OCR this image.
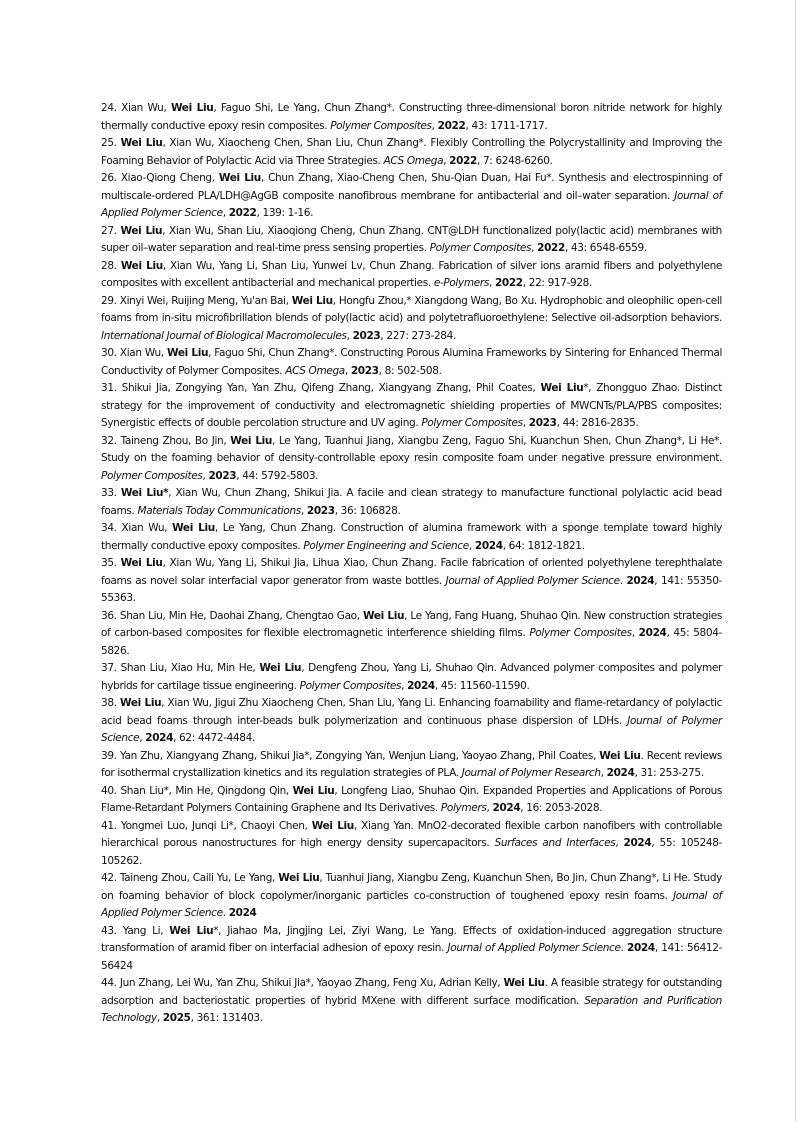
24. Xian Wu, Wei Liu, Faguo Shi, Le Yang, Chun Zhang*. Constructing three-dimensional boron nitride network for highly thermally conductive epoxy resin composites. Polymer Composites, 2022, 43: 1711-1717.

25. Wei Liu, Xian Wu, Xiaocheng Chen, Shan Liu, Chun Zhang*. Flexibly Controlling the Polycrystallinity and Improving the Foaming Behavior of Polylactic Acid via Three Strategies. ACS Omega, 2022, 7: 6248-6260.

26. Xiao-Qiong Cheng, Wei Liu, Chun Zhang, Xiao-Cheng Chen, Shu-Qian Duan, Hai Fu*. Synthesis and electrospinning of multiscale-ordered PLA/LDH@AgGB composite nanofibrous membrane for antibacterial and oil–water separation. Journal of Applied Polymer Science, 2022, 139: 1-16.

27. Wei Liu, Xian Wu, Shan Liu, Xiaoqiong Cheng, Chun Zhang. CNT@LDH functionalized poly(lactic acid) membranes with super oil–water separation and real-time press sensing properties. Polymer Composites, 2022, 43: 6548-6559.

28. Wei Liu, Xian Wu, Yang Li, Shan Liu, Yunwei Lv, Chun Zhang. Fabrication of silver ions aramid fibers and polyethylene composites with excellent antibacterial and mechanical properties. e-Polymers, 2022, 22: 917-928.

29. Xinyi Wei, Ruijing Meng, Yu'an Bai, Wei Liu, Hongfu Zhou,* Xiangdong Wang, Bo Xu. Hydrophobic and oleophilic open-cell foams from in-situ microfibrillation blends of poly(lactic acid) and polytetrafluoroethylene: Selective oil-adsorption behaviors. International Journal of Biological Macromolecules, 2023, 227: 273-284.

30. Xian Wu, Wei Liu, Faguo Shi, Chun Zhang*. Constructing Porous Alumina Frameworks by Sintering for Enhanced Thermal Conductivity of Polymer Composites. ACS Omega, 2023, 8: 502-508.

31. Shikui Jia, Zongying Yan, Yan Zhu, Qifeng Zhang, Xiangyang Zhang, Phil Coates, Wei Liu*, Zhongguo Zhao. Distinct strategy for the improvement of conductivity and electromagnetic shielding properties of MWCNTs/PLA/PBS composites: Synergistic effects of double percolation structure and UV aging. Polymer Composites, 2023, 44: 2816-2835.

32. Taineng Zhou, Bo Jin, Wei Liu, Le Yang, Tuanhui Jiang, Xiangbu Zeng, Faguo Shi, Kuanchun Shen, Chun Zhang*, Li He*. Study on the foaming behavior of density-controllable epoxy resin composite foam under negative pressure environment. Polymer Composites, 2023, 44: 5792-5803.

33. Wei Liu*, Xian Wu, Chun Zhang, Shikui Jia. A facile and clean strategy to manufacture functional polylactic acid bead foams. Materials Today Communications, 2023, 36: 106828.

34. Xian Wu, Wei Liu, Le Yang, Chun Zhang. Construction of alumina framework with a sponge template toward highly thermally conductive epoxy composites. Polymer Engineering and Science, 2024, 64: 1812-1821.

35. Wei Liu, Xian Wu, Yang Li, Shikui Jia, Lihua Xiao, Chun Zhang. Facile fabrication of oriented polyethylene terephthalate foams as novel solar interfacial vapor generator from waste bottles. Journal of Applied Polymer Science. 2024, 141: 55350-55363.

36. Shan Liu, Min He, Daohai Zhang, Chengtao Gao, Wei Liu, Le Yang, Fang Huang, Shuhao Qin. New construction strategies of carbon-based composites for flexible electromagnetic interference shielding films. Polymer Composites, 2024, 45: 5804-5826.

37. Shan Liu, Xiao Hu, Min He, Wei Liu, Dengfeng Zhou, Yang Li, Shuhao Qin. Advanced polymer composites and polymer hybrids for cartilage tissue engineering. Polymer Composites, 2024, 45: 11560-11590.

38. Wei Liu, Xian Wu, Jigui Zhu Xiaocheng Chen, Shan Liu, Yang Li. Enhancing foamability and flame-retardancy of polylactic acid bead foams through inter-beads bulk polymerization and continuous phase dispersion of LDHs. Journal of Polymer Science, 2024, 62: 4472-4484.

39. Yan Zhu, Xiangyang Zhang, Shikui Jia*, Zongying Yan, Wenjun Liang, Yaoyao Zhang, Phil Coates, Wei Liu. Recent reviews for isothermal crystallization kinetics and its regulation strategies of PLA. Journal of Polymer Research, 2024, 31: 253-275.

40. Shan Liu*, Min He, Qingdong Qin, Wei Liu, Longfeng Liao, Shuhao Qin. Expanded Properties and Applications of Porous Flame-Retardant Polymers Containing Graphene and Its Derivatives. Polymers, 2024, 16: 2053-2028.

41. Yongmei Luo, Junqi Li*, Chaoyi Chen, Wei Liu, Xiang Yan. MnO2-decorated flexible carbon nanofibers with controllable hierarchical porous nanostructures for high energy density supercapacitors. Surfaces and Interfaces, 2024, 55: 105248-105262.

42. Taineng Zhou, Caili Yu, Le Yang, Wei Liu, Tuanhui Jiang, Xiangbu Zeng, Kuanchun Shen, Bo Jin, Chun Zhang*, Li He. Study on foaming behavior of block copolymer/inorganic particles co-construction of toughened epoxy resin foams. Journal of Applied Polymer Science. 2024

43. Yang Li, Wei Liu*, Jiahao Ma, Jingjing Lei, Ziyi Wang, Le Yang. Effects of oxidation-induced aggregation structure transformation of aramid fiber on interfacial adhesion of epoxy resin. Journal of Applied Polymer Science. 2024, 141: 56412-56424

44. Jun Zhang, Lei Wu, Yan Zhu, Shikui Jia*, Yaoyao Zhang, Feng Xu, Adrian Kelly, Wei Liu. A feasible strategy for outstanding adsorption and bacteriostatic properties of hybrid MXene with different surface modification. Separation and Purification Technology, 2025, 361: 131403.
